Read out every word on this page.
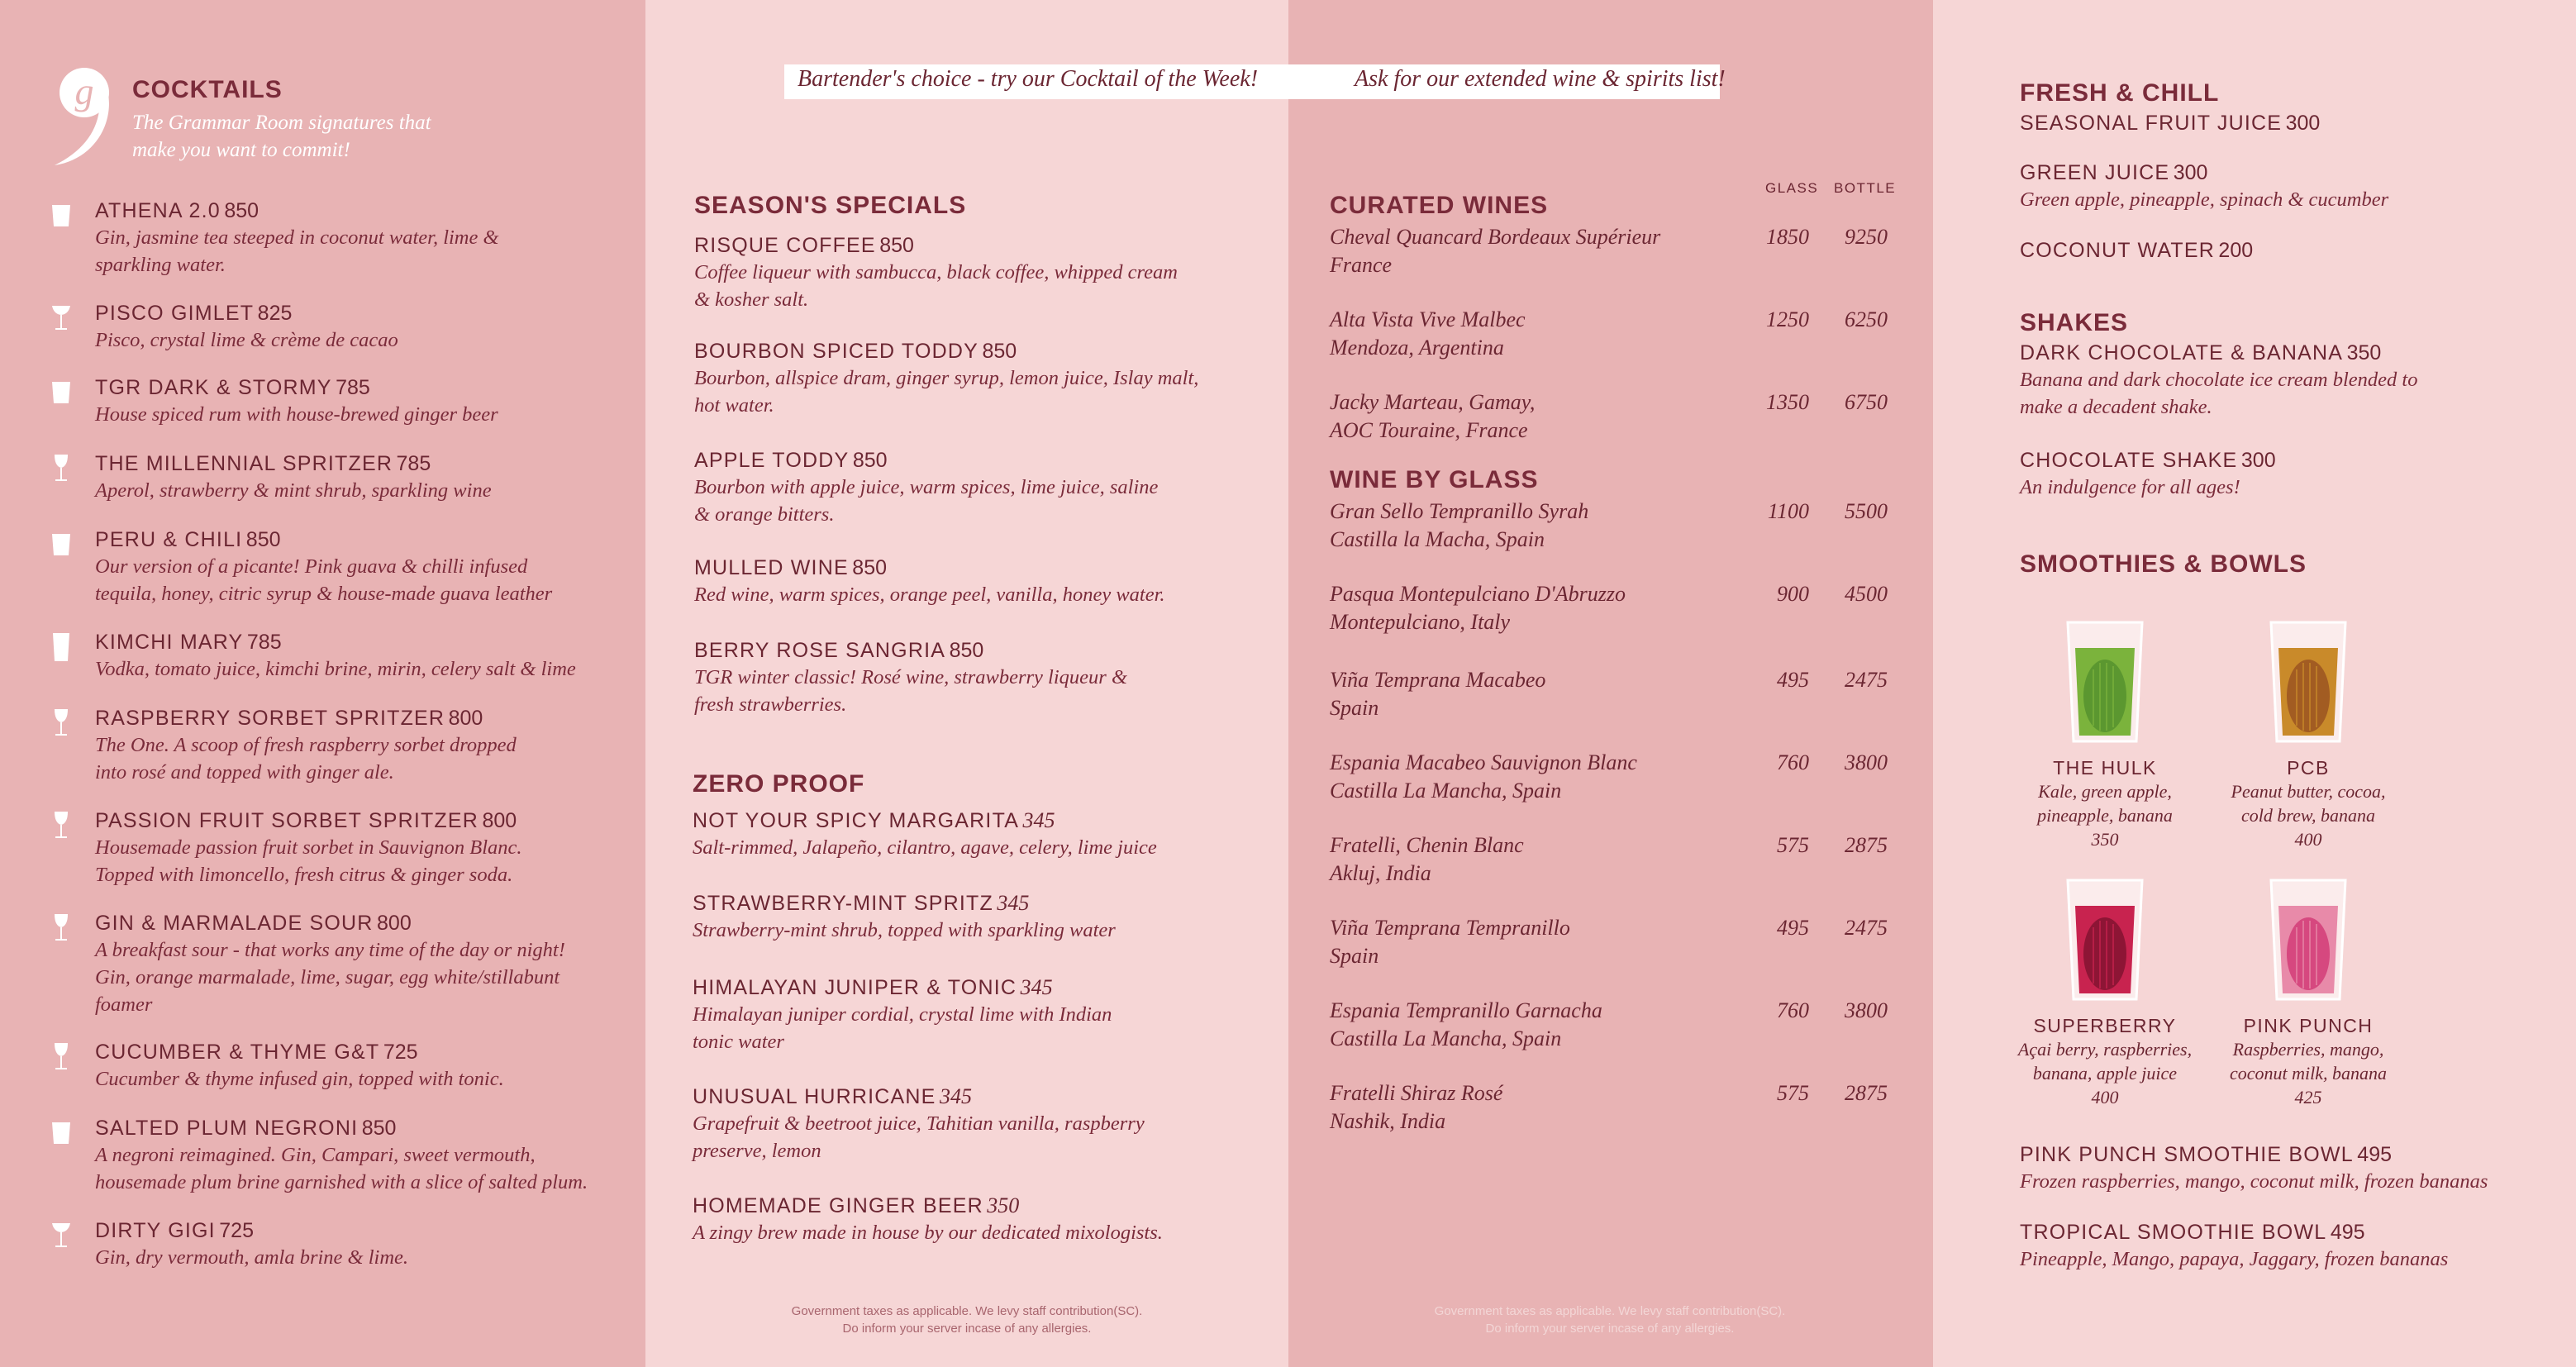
g COCKTAILS
The Grammar Room signatures that
make you want to commit!
ATHENA 2.0 850
Gin, jasmine tea steeped in coconut water, lime &
sparkling water.
PISCO GIMLET 825
Pisco, crystal lime & crème de cacao
TGR DARK & STORMY 785
House spiced rum with house-brewed ginger beer
THE MILLENNIAL SPRITZER 785
Aperol, strawberry & mint shrub, sparkling wine
PERU & CHILI 850
Our version of a picante! Pink guava & chilli infused
tequila, honey, citric syrup & house-made guava leather
KIMCHI MARY 785
Vodka, tomato juice, kimchi brine, mirin, celery salt & lime
RASPBERRY SORBET SPRITZER 800
The One. A scoop of fresh raspberry sorbet dropped
into rosé and topped with ginger ale.
PASSION FRUIT SORBET SPRITZER 800
Housemade passion fruit sorbet in Sauvignon Blanc.
Topped with limoncello, fresh citrus & ginger soda.
GIN & MARMALADE SOUR 800
A breakfast sour - that works any time of the day or night!
Gin, orange marmalade, lime, sugar, egg white/stillabunt
foamer
CUCUMBER & THYME G&T 725
Cucumber & thyme infused gin, topped with tonic.
SALTED PLUM NEGRONI 850
A negroni reimagined. Gin, Campari, sweet vermouth,
housemade plum brine garnished with a slice of salted plum.
DIRTY GIGI 725
Gin, dry vermouth, amla brine & lime.
SEASON'S SPECIALS
RISQUE COFFEE 850
Coffee liqueur with sambucca, black coffee, whipped cream
& kosher salt.
BOURBON SPICED TODDY 850
Bourbon, allspice dram, ginger syrup, lemon juice, Islay malt,
hot water.
APPLE TODDY 850
Bourbon with apple juice, warm spices, lime juice, saline
& orange bitters.
MULLED WINE 850
Red wine, warm spices, orange peel, vanilla, honey water.
BERRY ROSE SANGRIA 850
TGR winter classic! Rosé wine, strawberry liqueur &
fresh strawberries.
ZERO PROOF
NOT YOUR SPICY MARGARITA 345
Salt-rimmed, Jalapeño, cilantro, agave, celery, lime juice
STRAWBERRY-MINT SPRITZ 345
Strawberry-mint shrub, topped with sparkling water
HIMALAYAN JUNIPER & TONIC 345
Himalayan juniper cordial, crystal lime with Indian
tonic water
UNUSUAL HURRICANE 345
Grapefruit & beetroot juice, Tahitian vanilla, raspberry
preserve, lemon
HOMEMADE GINGER BEER 350
A zingy brew made in house by our dedicated mixologists.
Government taxes as applicable. We levy staff contribution(SC).
Do inform your server incase of any allergies.
Government taxes as applicable. We levy staff contribution(SC).
Do inform your server incase of any allergies.
GLASS BOTTLE
CURATED WINES
WINE BY GLASS
Cheval Quancard Bordeaux Supérieur
France
1850	9250
Alta Vista Vive Malbec
Mendoza, Argentina
1250	6250
Jacky Marteau, Gamay,
AOC Touraine, France
1350	6750
Gran Sello Tempranillo Syrah
Castilla la Macha, Spain
1100	5500
Pasqua Montepulciano D'Abruzzo
Montepulciano, Italy
900	4500
Viña Temprana Macabeo
Spain
495	2475
Espania Macabeo Sauvignon Blanc
Castilla La Mancha, Spain
760	3800
Fratelli, Chenin Blanc
Akluj, India
575	2875
Viña Temprana Tempranillo
Spain
495	2475
Espania Tempranillo Garnacha
Castilla La Mancha, Spain
760	3800
Fratelli Shiraz Rosé
Nashik, India
575	2875
FRESH & CHILL
SHAKES
SMOOTHIES & BOWLS
SEASONAL FRUIT JUICE 300
GREEN JUICE 300
Green apple, pineapple, spinach & cucumber
COCONUT WATER 200
DARK CHOCOLATE & BANANA 350
Banana and dark chocolate ice cream blended to
make a decadent shake.
CHOCOLATE SHAKE 300
An indulgence for all ages!
PINK PUNCH SMOOTHIE BOWL 495
Frozen raspberries, mango, coconut milk, frozen bananas
TROPICAL SMOOTHIE BOWL 495
Pineapple, Mango, papaya, Jaggary, frozen bananas
THE HULK
Kale, green apple,
pineapple, banana
350
PCB
Peanut butter, cocoa,
cold brew, banana
400
SUPERBERRY
Açai berry, raspberries,
banana, apple juice
400
PINK PUNCH
Raspberries, mango,
coconut milk, banana
425
Bartender's choice - try our Cocktail of the Week!	Ask for our extended wine & spirits list!
